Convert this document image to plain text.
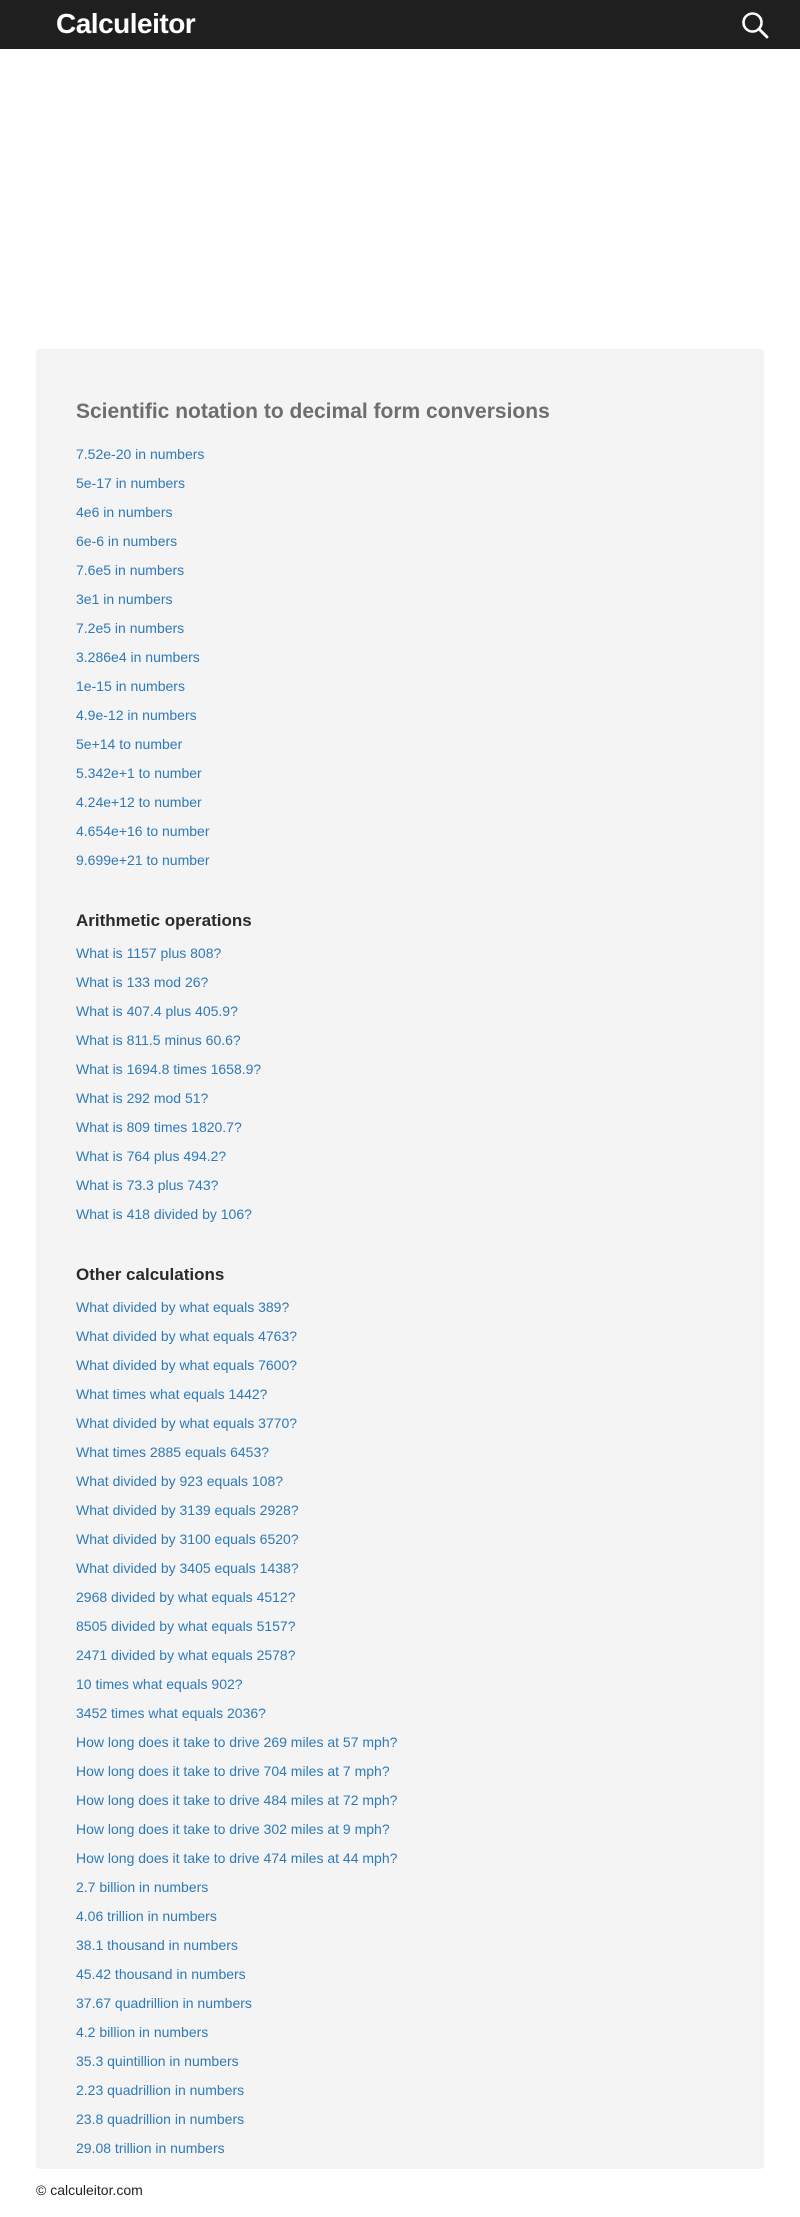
Calculeitor
Scientific notation to decimal form conversions
7.52e-20 in numbers
5e-17 in numbers
4e6 in numbers
6e-6 in numbers
7.6e5 in numbers
3e1 in numbers
7.2e5 in numbers
3.286e4 in numbers
1e-15 in numbers
4.9e-12 in numbers
5e+14 to number
5.342e+1 to number
4.24e+12 to number
4.654e+16 to number
9.699e+21 to number
Arithmetic operations
What is 1157 plus 808?
What is 133 mod 26?
What is 407.4 plus 405.9?
What is 811.5 minus 60.6?
What is 1694.8 times 1658.9?
What is 292 mod 51?
What is 809 times 1820.7?
What is 764 plus 494.2?
What is 73.3 plus 743?
What is 418 divided by 106?
Other calculations
What divided by what equals 389?
What divided by what equals 4763?
What divided by what equals 7600?
What times what equals 1442?
What divided by what equals 3770?
What times 2885 equals 6453?
What divided by 923 equals 108?
What divided by 3139 equals 2928?
What divided by 3100 equals 6520?
What divided by 3405 equals 1438?
2968 divided by what equals 4512?
8505 divided by what equals 5157?
2471 divided by what equals 2578?
10 times what equals 902?
3452 times what equals 2036?
How long does it take to drive 269 miles at 57 mph?
How long does it take to drive 704 miles at 7 mph?
How long does it take to drive 484 miles at 72 mph?
How long does it take to drive 302 miles at 9 mph?
How long does it take to drive 474 miles at 44 mph?
2.7 billion in numbers
4.06 trillion in numbers
38.1 thousand in numbers
45.42 thousand in numbers
37.67 quadrillion in numbers
4.2 billion in numbers
35.3 quintillion in numbers
2.23 quadrillion in numbers
23.8 quadrillion in numbers
29.08 trillion in numbers
© calculeitor.com
